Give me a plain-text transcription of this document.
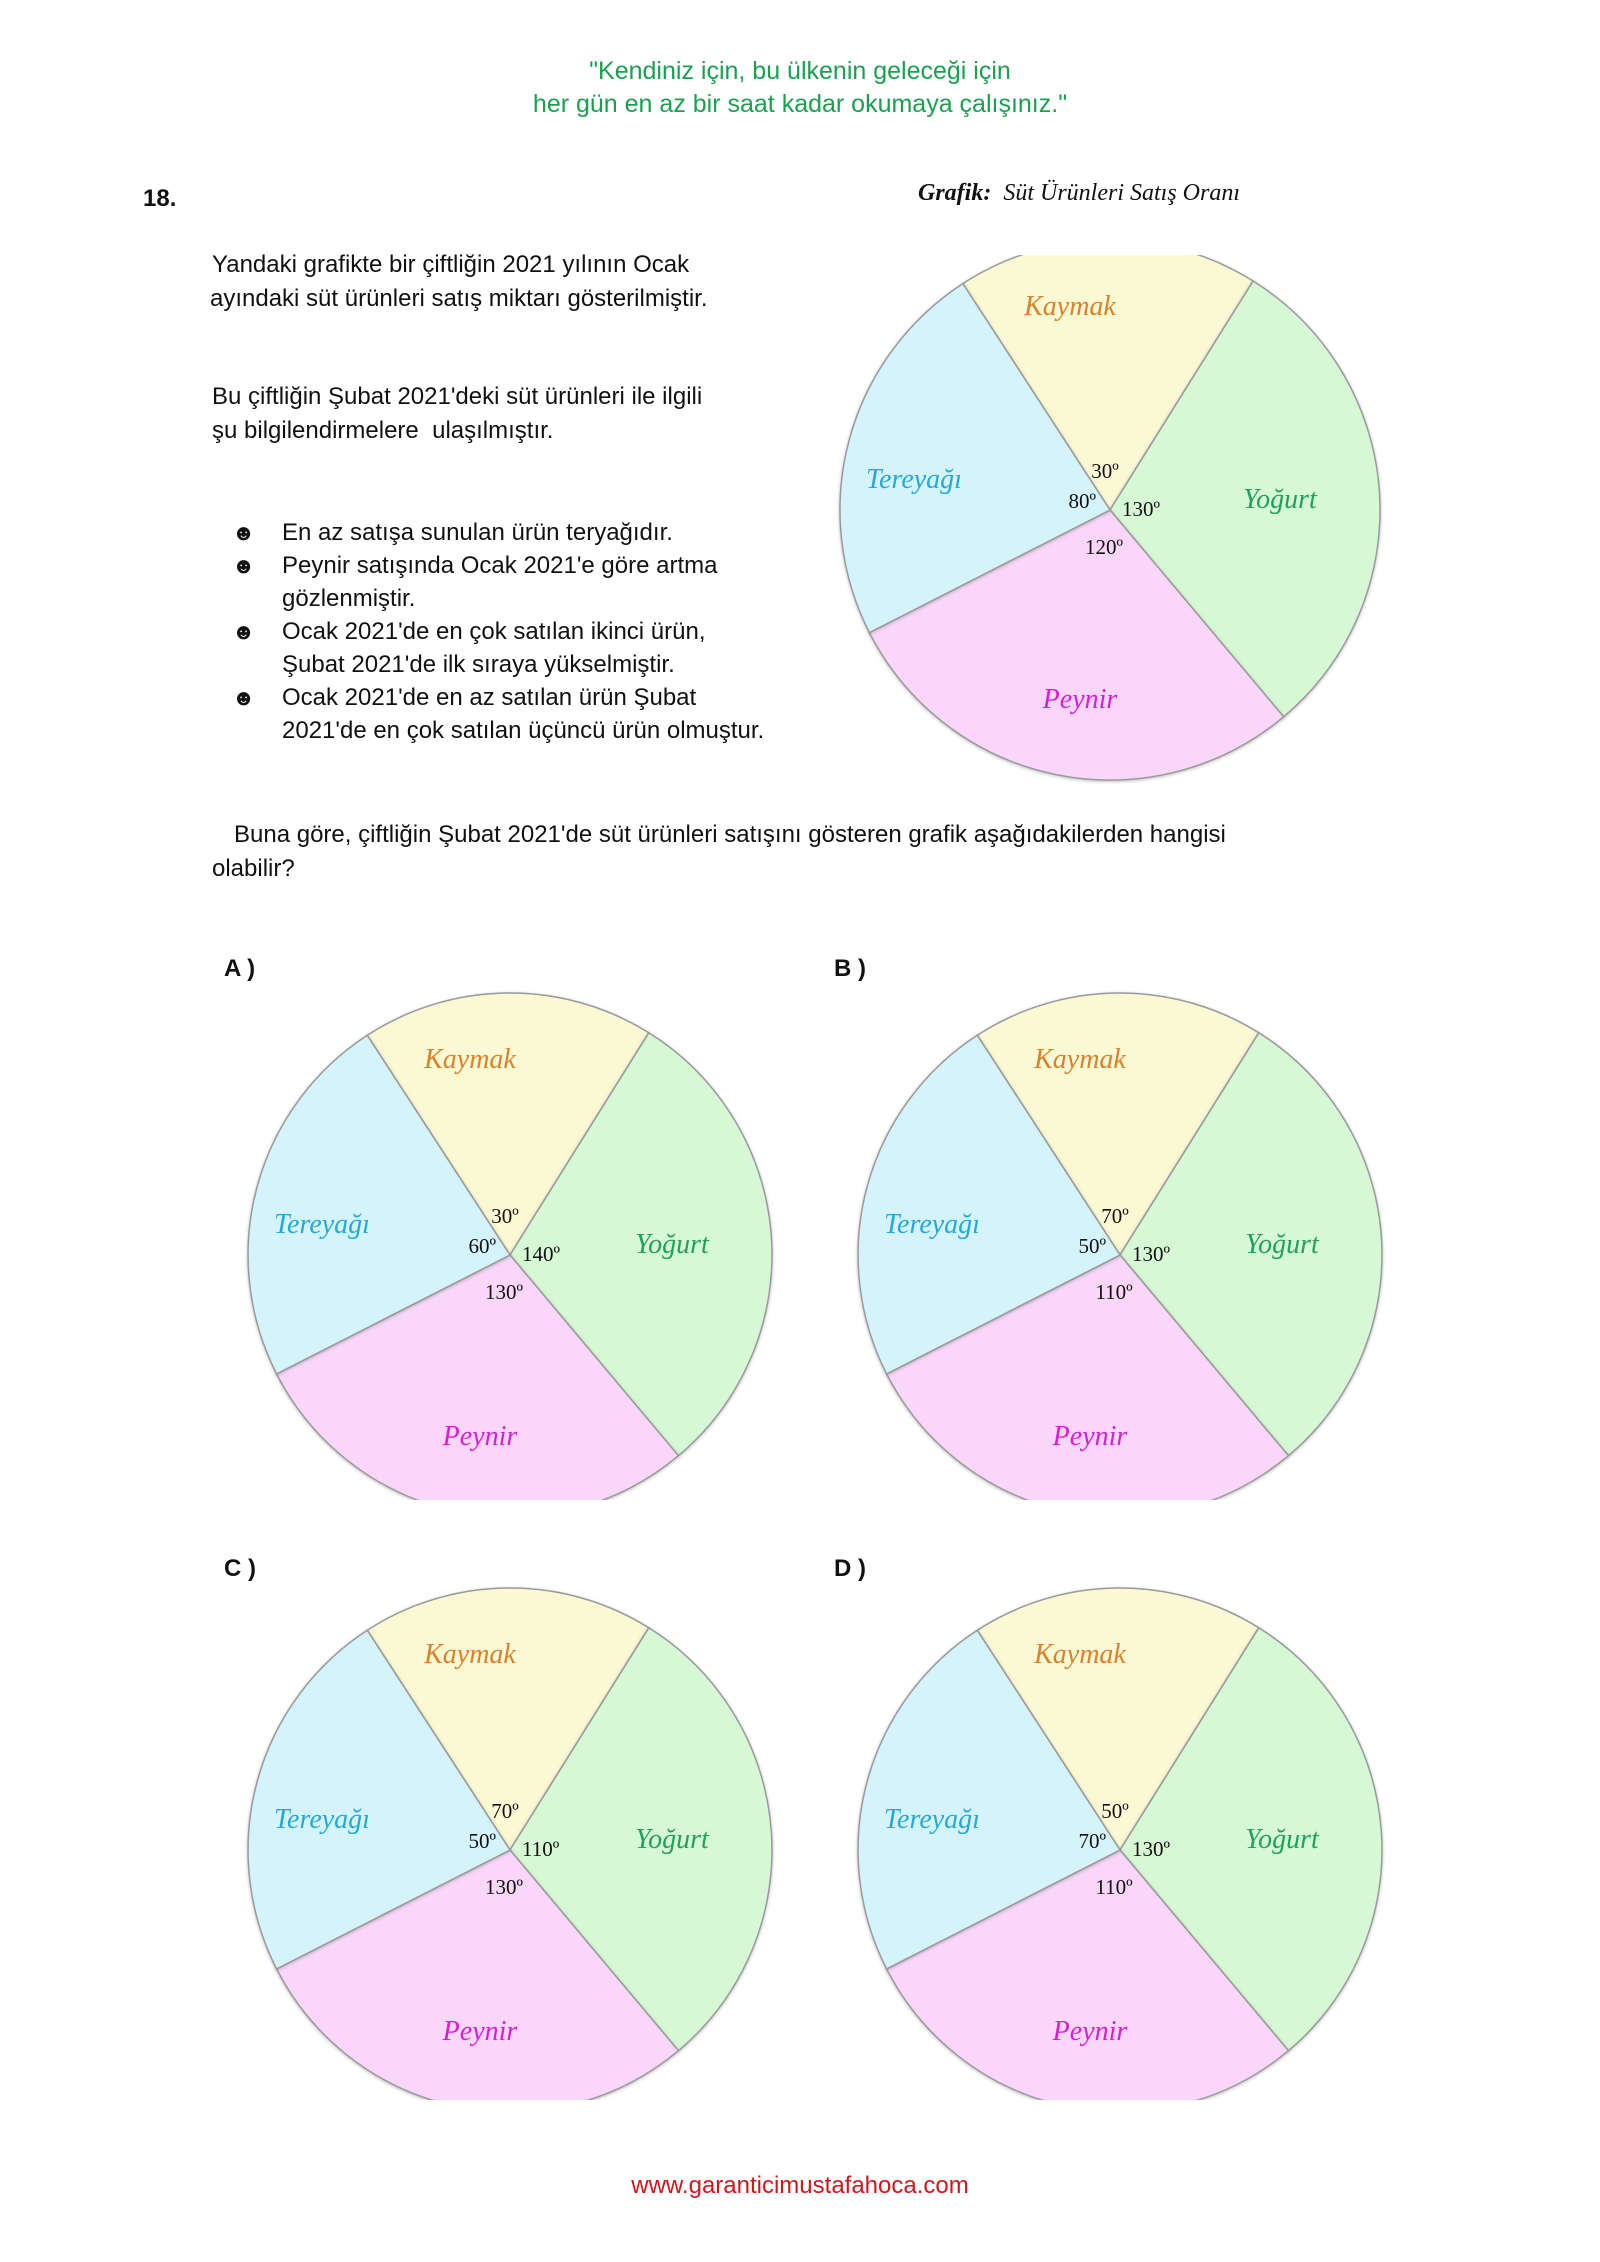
"Kendiniz için, bu ülkenin geleceği için
her gün en az bir saat kadar okumaya çalışınız."
18.	Grafik: Süt Ürünleri Satış Oranı
Yandaki grafikte bir çiftliğin 2021 yılının Ocak
ayındaki süt ürünleri satış miktarı gösterilmiştir.
Bu çiftliğin Şubat 2021'deki süt ürünleri ile ilgili
şu bilgilendirmelere  ulaşılmıştır.
☻	En az satışa sunulan ürün teryağıdır.
☻	Peynir satışında Ocak 2021'e göre artma
gözlenmiştir.
☻	Ocak 2021'de en çok satılan ikinci ürün,
Şubat 2021'de ilk sıraya yükselmiştir.
☻	Ocak 2021'de en az satılan ürün Şubat
2021'de en çok satılan üçüncü ürün olmuştur.
Buna göre, çiftliğin Şubat 2021'de süt ürünleri satışını gösteren grafik aşağıdakilerden hangisi
olabilir?
A )	B )
C )	D )
Kaymak
Yoğurt
Peynir
Tereyağı	30º
130º
120º
80º
Kaymak
Yoğurt
Peynir
Tereyağı	30º
140º
130º
60º
Kaymak
Yoğurt
Peynir
Tereyağı	70º
130º
110º
50º
Kaymak
Yoğurt
Peynir
Tereyağı	70º
110º
130º
50º
Kaymak
Yoğurt
Peynir
Tereyağı	50º
130º
110º
70º
www.garanticimustafahoca.com
